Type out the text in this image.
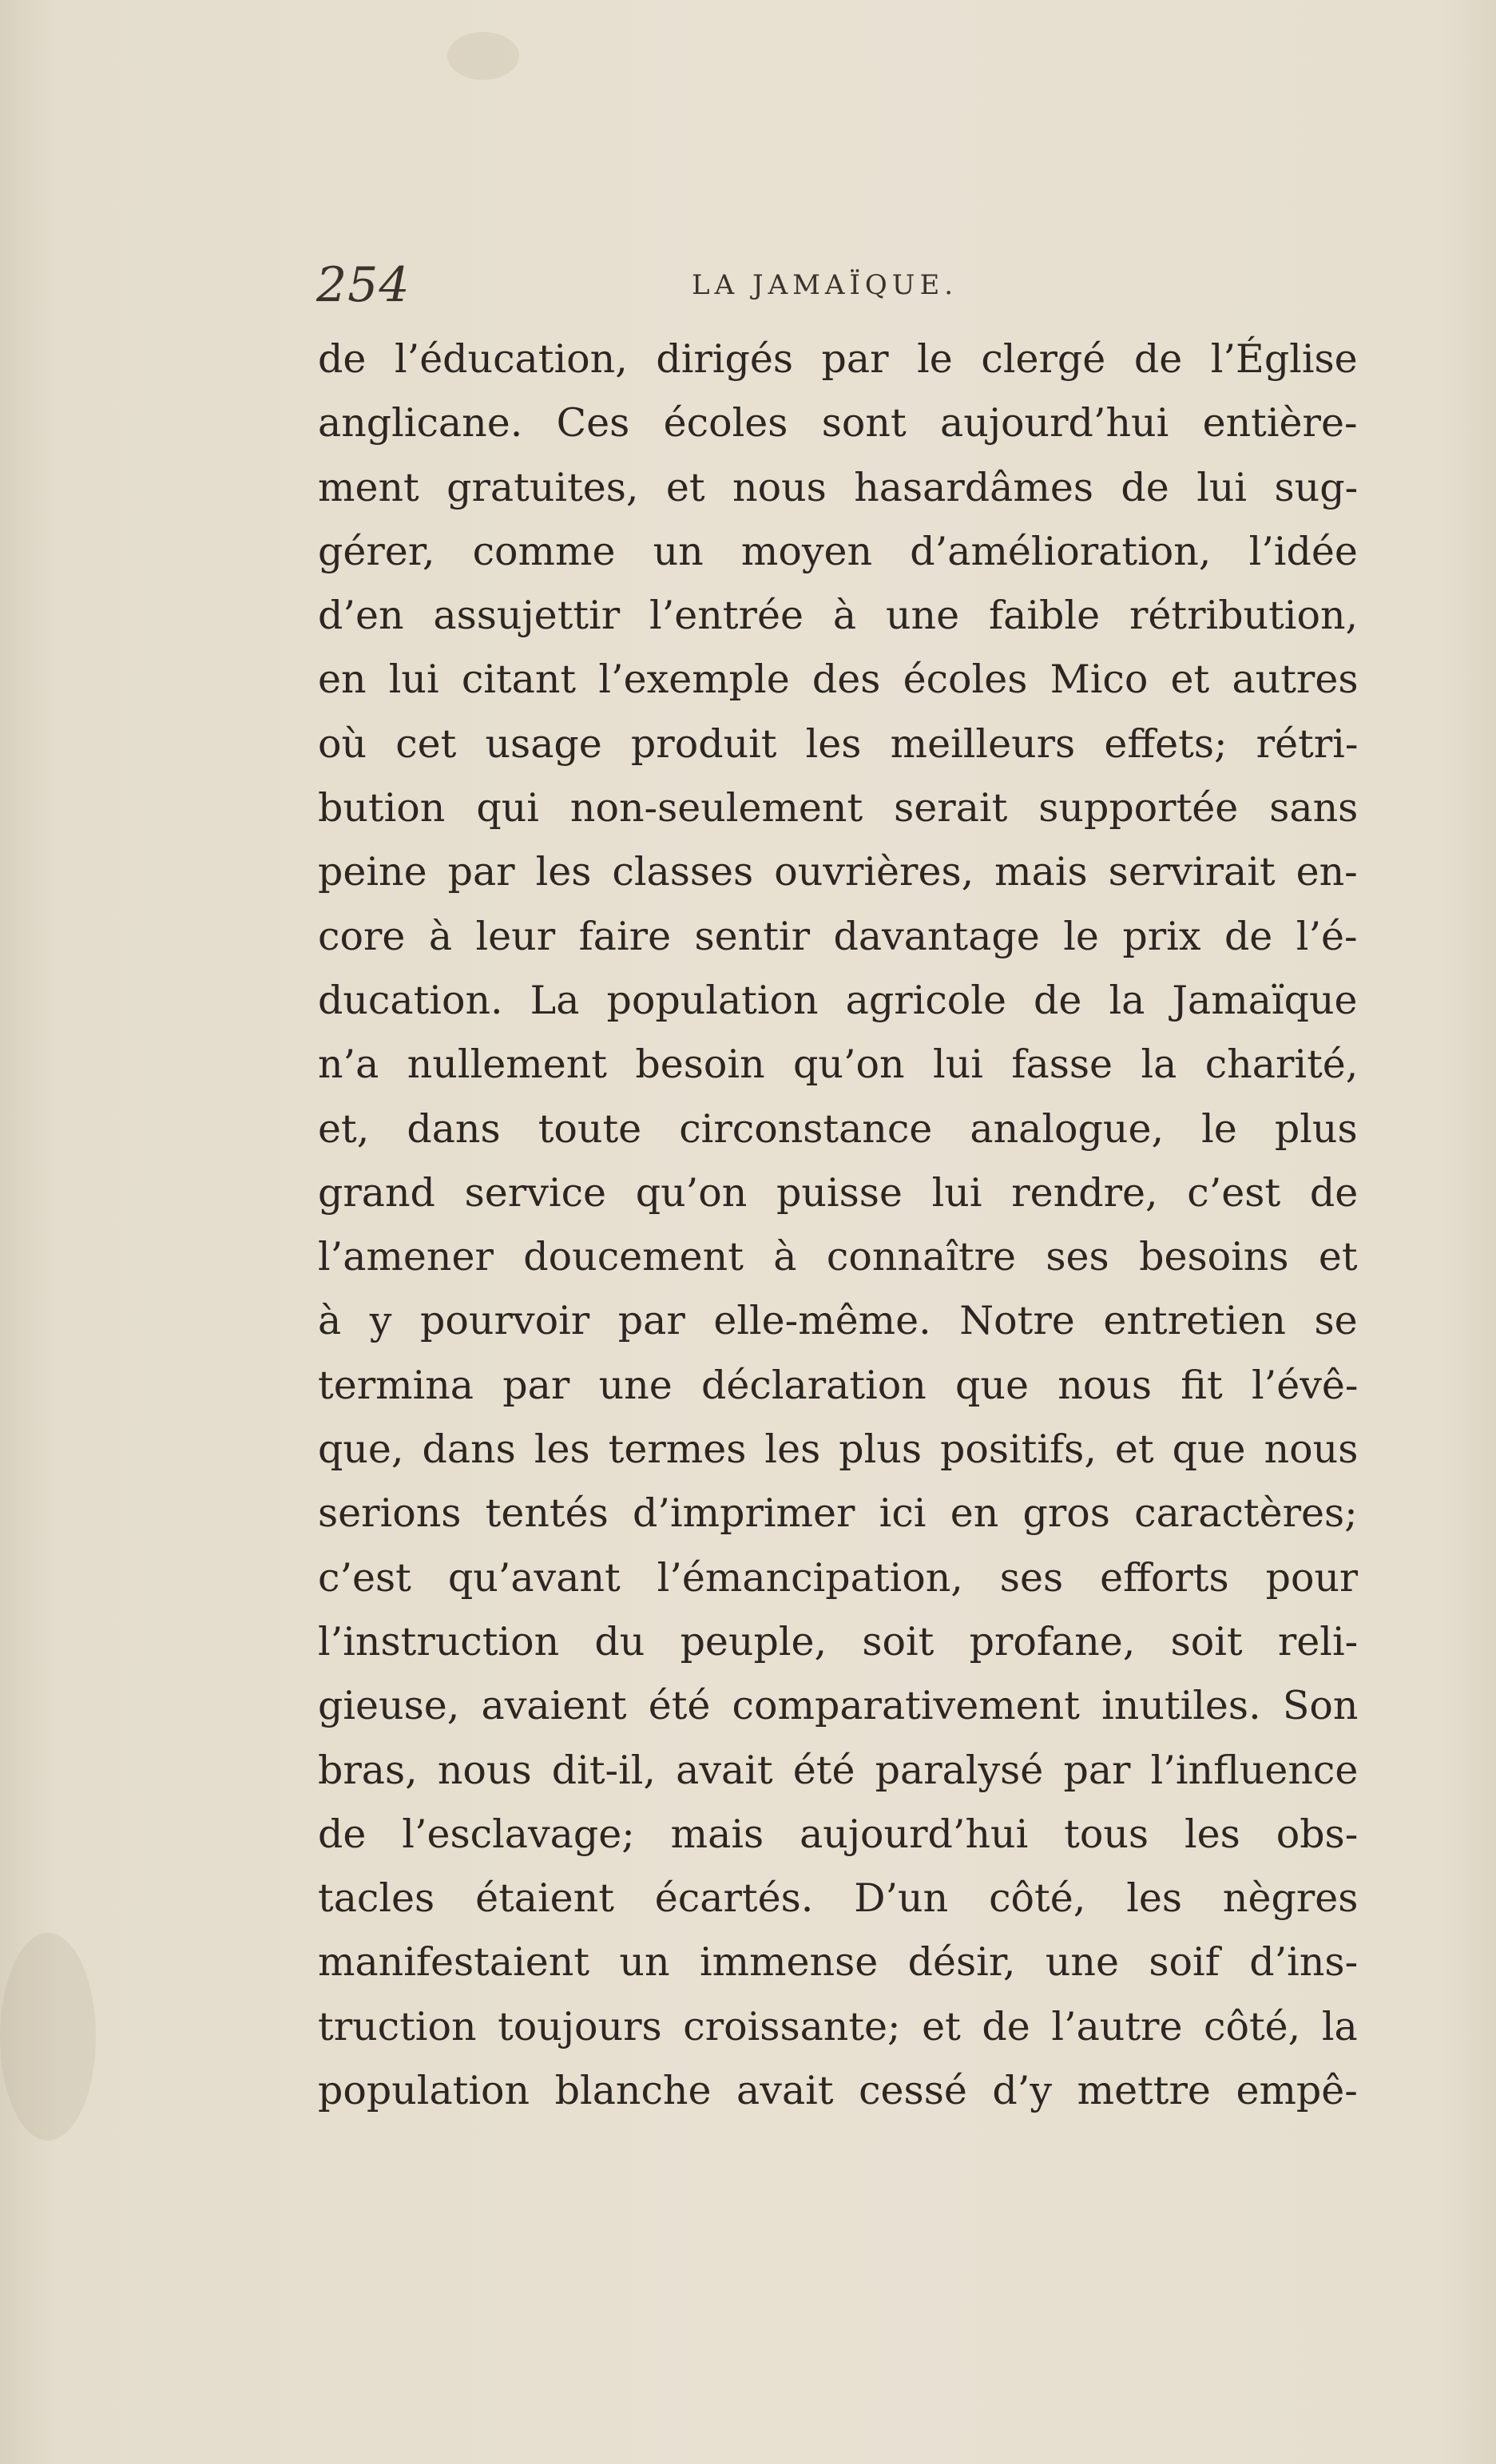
254	LA JAMAÏQUE.
de l’éducation, dirigés par le clergé de l’Église
anglicane. Ces écoles sont aujourd’hui entière-
ment gratuites, et nous hasardâmes de lui sug-
gérer, comme un moyen d’amélioration, l’idée
d’en assujettir l’entrée à une faible rétribution,
en lui citant l’exemple des écoles Mico et autres
où cet usage produit les meilleurs effets; rétri-
bution qui non-seulement serait supportée sans
peine par les classes ouvrières, mais servirait en-
core à leur faire sentir davantage le prix de l’é-
ducation. La population agricole de la Jamaïque
n’a nullement besoin qu’on lui fasse la charité,
et, dans toute circonstance analogue, le plus
grand service qu’on puisse lui rendre, c’est de
l’amener doucement à connaître ses besoins et
à y pourvoir par elle-même. Notre entretien se
termina par une déclaration que nous fit l’évê-
que, dans les termes les plus positifs, et que nous
serions tentés d’imprimer ici en gros caractères;
c’est qu’avant l’émancipation, ses efforts pour
l’instruction du peuple, soit profane, soit reli-
gieuse, avaient été comparativement inutiles. Son
bras, nous dit-il, avait été paralysé par l’influence
de l’esclavage; mais aujourd’hui tous les obs-
tacles étaient écartés. D’un côté, les nègres
manifestaient un immense désir, une soif d’ins-
truction toujours croissante; et de l’autre côté, la
population blanche avait cessé d’y mettre empê-
